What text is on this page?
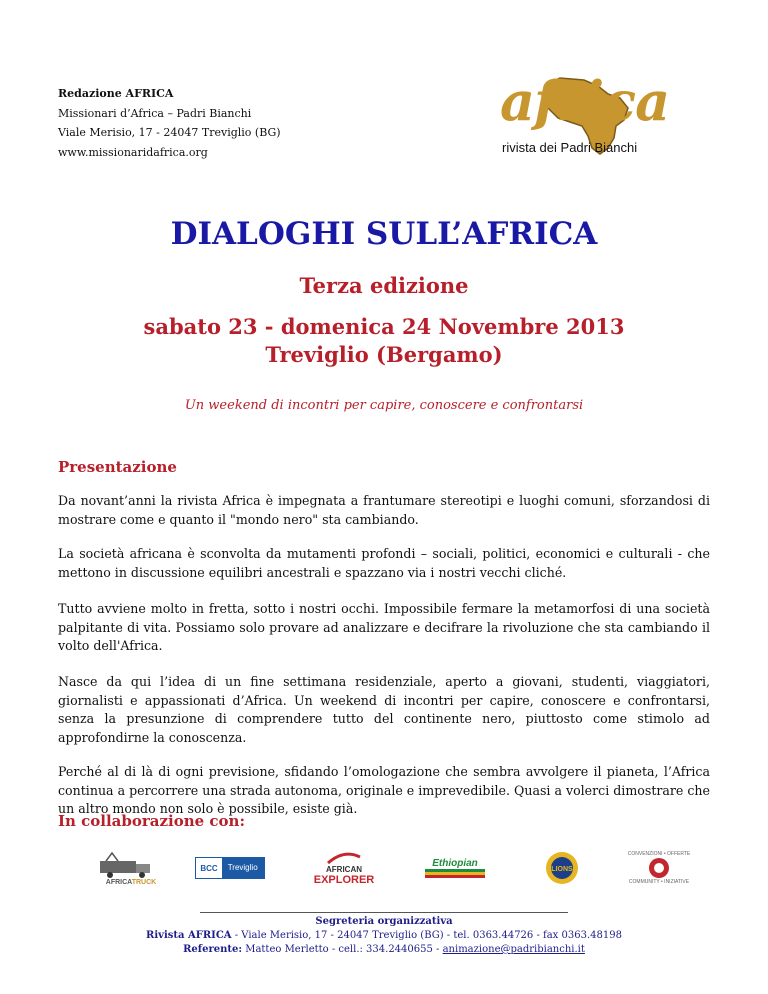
Redazione AFRICA
Missionari d’Africa – Padri Bianchi
Viale Merisio, 17 - 24047 Treviglio (BG)
www.missionaridafrica.org
africa
rivista dei Padri Bianchi
DIALOGHI SULL’AFRICA
Terza edizione
sabato 23 - domenica 24 Novembre 2013
Treviglio (Bergamo)
Un weekend di incontri per capire, conoscere e confrontarsi
Presentazione
Da novant’anni la rivista Africa è impegnata a frantumare stereotipi e luoghi comuni, sforzandosi di mostrare come e quanto il "mondo nero" sta cambiando.
La società africana è sconvolta da mutamenti profondi – sociali, politici, economici e culturali - che mettono in discussione equilibri ancestrali e spazzano via i nostri vecchi cliché.
Tutto avviene molto in fretta, sotto i nostri occhi. Impossibile fermare la metamorfosi di una società palpitante di vita. Possiamo solo provare ad analizzare e decifrare la rivoluzione che sta cambiando il volto dell'Africa.
Nasce da qui l’idea di un fine settimana residenziale, aperto a giovani, studenti, viaggiatori, giornalisti e appassionati d’Africa. Un weekend di incontri per capire, conoscere e confrontarsi, senza la presunzione di comprendere tutto del continente nero, piuttosto come stimolo ad approfondirne la conoscenza.
Perché al di là di ogni previsione, sfidando l’omologazione che sembra avvolgere il pianeta, l’Africa continua a percorrere una strada autonoma, originale e imprevedibile. Quasi a volerci dimostrare che un altro mondo non solo è possibile, esiste già.
In collaborazione con:
AFRICATRUCK
BCC	Treviglio	AFRICAN
EXPLORER
Ethiopian
LIONS
CONVENZIONI • OFFERTE
COMMUNITY • INIZIATIVE
Segreteria organizzativa
Rivista AFRICA - Viale Merisio, 17 - 24047 Treviglio (BG) - tel. 0363.44726 - fax 0363.48198
Referente: Matteo Merletto - cell.: 334.2440655 - animazione@padribianchi.it
